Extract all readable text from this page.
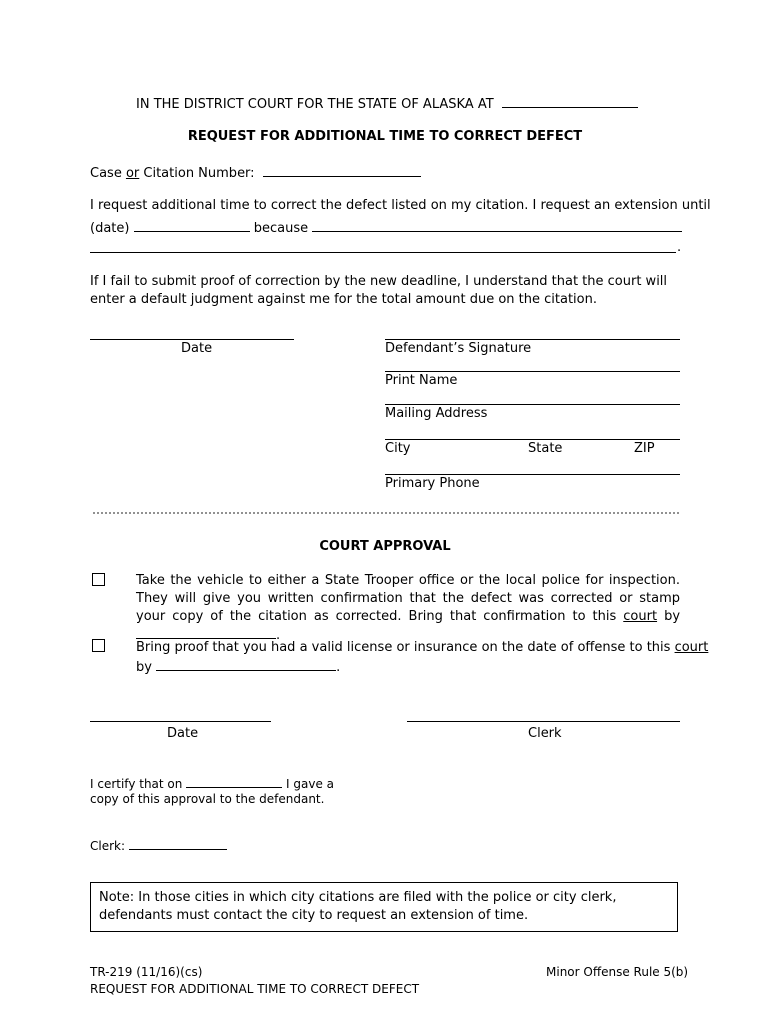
IN THE DISTRICT COURT FOR THE STATE OF ALASKA AT
REQUEST FOR ADDITIONAL TIME TO CORRECT DEFECT
Case or Citation Number:
I request additional time to correct the defect listed on my citation. I request an extension until
(date)	because
.
If I fail to submit proof of correction by the new deadline, I understand that the court will enter a default judgment against me for the total amount due on the citation.
Date	Defendant’s Signature
Print Name
Mailing Address
City	State	ZIP
Primary Phone
COURT APPROVAL
Take the vehicle to either a State Trooper office or the local police for inspection. They will give you written confirmation that the defect was corrected or stamp your copy of the citation as corrected. Bring that confirmation to this court by .
Bring proof that you had a valid license or insurance on the date of offense to this court
by	.
Date	Clerk
I certify that on	I gave a
copy of this approval to the defendant.
Clerk:
Note: In those cities in which city citations are filed with the police or city clerk, defendants must contact the city to request an extension of time.
TR-219 (11/16)(cs)
REQUEST FOR ADDITIONAL TIME TO CORRECT DEFECT
Minor Offense Rule 5(b)
